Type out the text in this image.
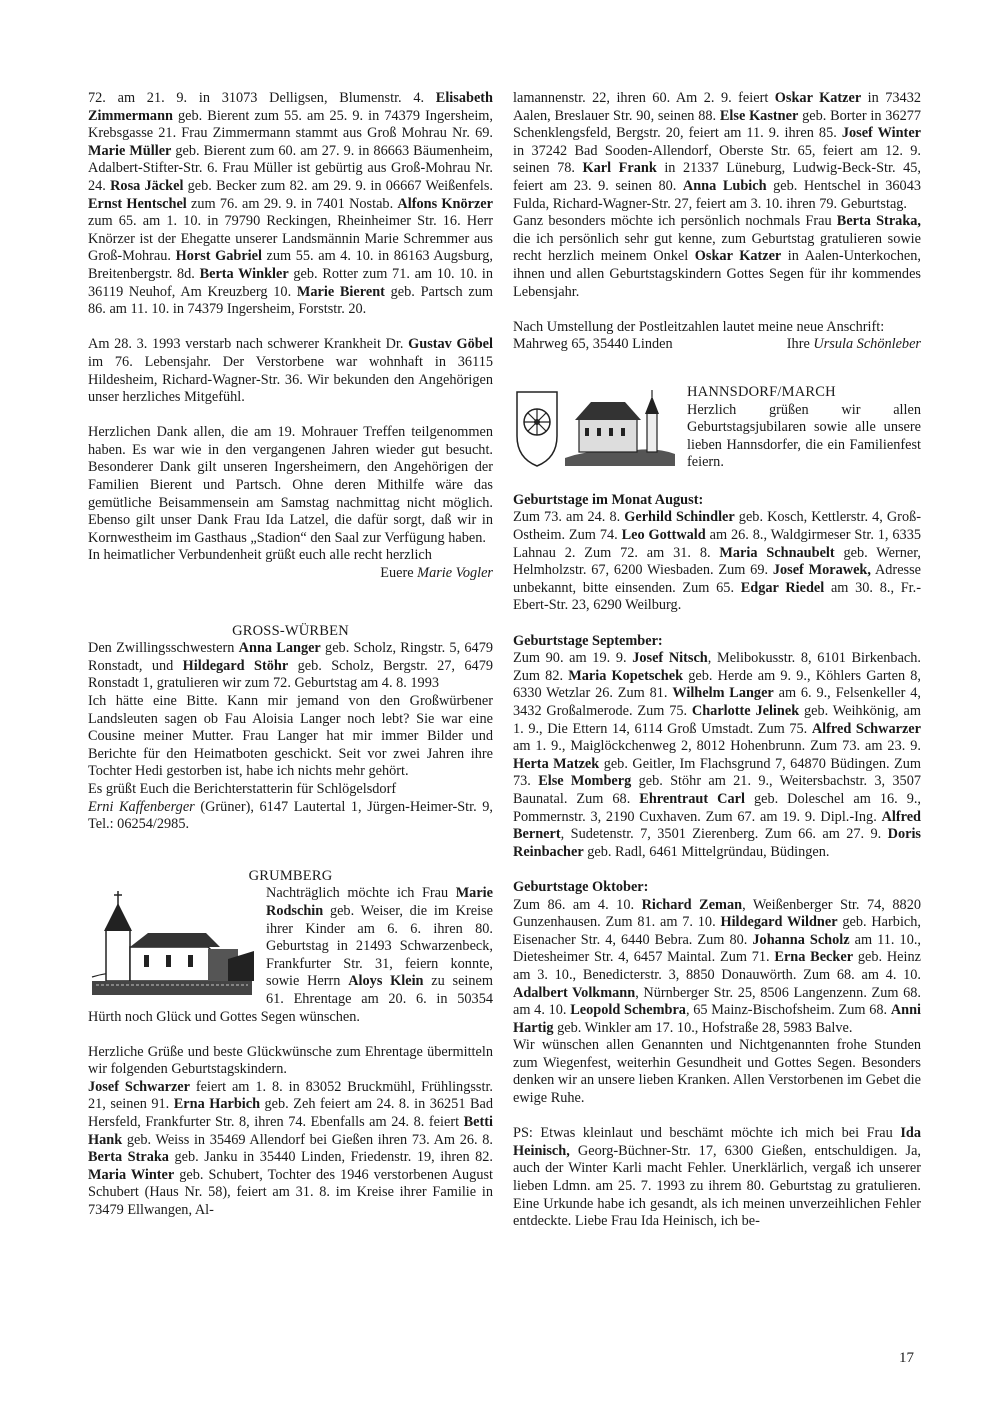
72. am 21. 9. in 31073 Delligsen, Blumenstr. 4. Elisabeth Zimmermann geb. Bierent zum 55. am 25. 9. in 74379 Ingersheim, Krebsgasse 21. Frau Zimmermann stammt aus Groß Mohrau Nr. 69. Marie Müller geb. Bierent zum 60. am 27. 9. in 86663 Bäumenheim, Adalbert-Stifter-Str. 6. Frau Müller ist gebürtig aus Groß-Mohrau Nr. 24. Rosa Jäckel geb. Becker zum 82. am 29. 9. in 06667 Weißenfels. Ernst Hentschel zum 76. am 29. 9. in 7401 Nostab. Alfons Knörzer zum 65. am 1. 10. in 79790 Reckingen, Rheinheimer Str. 16. Herr Knörzer ist der Ehegatte unserer Landsmännin Marie Schremmer aus Groß-Mohrau. Horst Gabriel zum 55. am 4. 10. in 86163 Augsburg, Breitenbergstr. 8d. Berta Winkler geb. Rotter zum 71. am 10. 10. in 36119 Neuhof, Am Kreuzberg 10. Marie Bierent geb. Partsch zum 86. am 11. 10. in 74379 Ingersheim, Forststr. 20.

Am 28. 3. 1993 verstarb nach schwerer Krankheit Dr. Gustav Göbel im 76. Lebensjahr. Der Verstorbene war wohnhaft in 36115 Hildesheim, Richard-Wagner-Str. 36. Wir bekunden den Angehörigen unser herzliches Mitgefühl.

Herzlichen Dank allen, die am 19. Mohrauer Treffen teilgenommen haben. Es war wie in den vergangenen Jahren wieder gut besucht. Besonderer Dank gilt unseren Ingersheimern, den Angehörigen der Familien Bierent und Partsch. Ohne deren Mithilfe wäre das gemütliche Beisammensein am Samstag nachmittag nicht möglich. Ebenso gilt unser Dank Frau Ida Latzel, die dafür sorgt, daß wir in Kornwestheim im Gasthaus „Stadion“ den Saal zur Verfügung haben.

In heimatlicher Verbundenheit grüßt euch alle recht herzlich

Euere Marie Vogler

GROSS-WÜRBEN

Den Zwillingsschwestern Anna Langer geb. Scholz, Ringstr. 5, 6479 Ronstadt, und Hildegard Stöhr geb. Scholz, Bergstr. 27, 6479 Ronstadt 1, gratulieren wir zum 72. Geburtstag am 4. 8. 1993

Ich hätte eine Bitte. Kann mir jemand von den Großwürbener Landsleuten sagen ob Fau Aloisia Langer noch lebt? Sie war eine Cousine meiner Mutter. Frau Langer hat mir immer Bilder und Berichte für den Heimatboten geschickt. Seit vor zwei Jahren ihre Tochter Hedi gestorben ist, habe ich nichts mehr gehört.

Es grüßt Euch die Berichterstatterin für Schlögelsdorf

Erni Kaffenberger (Grüner), 6147 Lautertal 1, Jürgen-Heimer-Str. 9, Tel.: 06254/2985.

GRUMBERG

Nachträglich möchte ich Frau Marie Rodschin geb. Weiser, die im Kreise ihrer Kinder am 6. 6. ihren 80. Geburtstag in 21493 Schwarzenbeck, Frankfurter Str. 31, feiern konnte, sowie Herrn Aloys Klein zu seinem 61. Ehrentage am 20. 6. in 50354 Hürth noch Glück und Gottes Segen wünschen.

Herzliche Grüße und beste Glückwünsche zum Ehrentage übermitteln wir folgenden Geburtstagskindern.

Josef Schwarzer feiert am 1. 8. in 83052 Bruckmühl, Frühlingsstr. 21, seinen 91. Erna Harbich geb. Zeh feiert am 24. 8. in 36251 Bad Hersfeld, Frankfurter Str. 8, ihren 74. Ebenfalls am 24. 8. feiert Betti Hank geb. Weiss in 35469 Allendorf bei Gießen ihren 73. Am 26. 8. Berta Straka geb. Janku in 35440 Linden, Friedenstr. 19, ihren 82. Maria Winter geb. Schubert, Tochter des 1946 verstorbenen August Schubert (Haus Nr. 58), feiert am 31. 8. im Kreise ihrer Familie in 73479 Ellwangen, Al-

lamannenstr. 22, ihren 60. Am 2. 9. feiert Oskar Katzer in 73432 Aalen, Breslauer Str. 90, seinen 88. Else Kastner geb. Borter in 36277 Schenklengsfeld, Bergstr. 20, feiert am 11. 9. ihren 85. Josef Winter in 37242 Bad Sooden-Allendorf, Oberste Str. 65, feiert am 12. 9. seinen 78. Karl Frank in 21337 Lüneburg, Ludwig-Beck-Str. 45, feiert am 23. 9. seinen 80. Anna Lubich geb. Hentschel in 36043 Fulda, Richard-Wagner-Str. 27, feiert am 3. 10. ihren 79. Geburtstag.

Ganz besonders möchte ich persönlich nochmals Frau Berta Straka, die ich persönlich sehr gut kenne, zum Geburtstag gratulieren sowie recht herzlich meinem Onkel Oskar Katzer in Aalen-Unterkochen, ihnen und allen Geburtstagskindern Gottes Segen für ihr kommendes Lebensjahr.

Nach Umstellung der Postleitzahlen lautet meine neue Anschrift:

Mahrweg 65, 35440 Linden	Ihre Ursula Schönleber

HANNSDORF/MARCH

Herzlich grüßen wir allen Geburtstagsjubilaren sowie alle unsere lieben Hannsdorfer, die ein Familienfest feiern.

Geburtstage im Monat August:

Zum 73. am 24. 8. Gerhild Schindler geb. Kosch, Kettlerstr. 4, Groß-Ostheim. Zum 74. Leo Gottwald am 26. 8., Waldgirmeser Str. 1, 6335 Lahnau 2. Zum 72. am 31. 8. Maria Schnaubelt geb. Werner, Helmholzstr. 67, 6200 Wiesbaden. Zum 69. Josef Morawek, Adresse unbekannt, bitte einsenden. Zum 65. Edgar Riedel am 30. 8., Fr.-Ebert-Str. 23, 6290 Weilburg.

Geburtstage September:

Zum 90. am 19. 9. Josef Nitsch, Melibokusstr. 8, 6101 Birkenbach. Zum 82. Maria Kopetschek geb. Herde am 9. 9., Köhlers Garten 8, 6330 Wetzlar 26. Zum 81. Wilhelm Langer am 6. 9., Felsenkeller 4, 3432 Großalmerode. Zum 75. Charlotte Jelinek geb. Weihkönig, am 1. 9., Die Ettern 14, 6114 Groß Umstadt. Zum 75. Alfred Schwarzer am 1. 9., Maiglöckchenweg 2, 8012 Hohenbrunn. Zum 73. am 23. 9. Herta Matzek geb. Geitler, Im Flachsgrund 7, 64870 Büdingen. Zum 73. Else Momberg geb. Stöhr am 21. 9., Weitersbachstr. 3, 3507 Baunatal. Zum 68. Ehrentraut Carl geb. Doleschel am 16. 9., Pommernstr. 3, 2190 Cuxhaven. Zum 67. am 19. 9. Dipl.-Ing. Alfred Bernert, Sudetenstr. 7, 3501 Zierenberg. Zum 66. am 27. 9. Doris Reinbacher geb. Radl, 6461 Mittelgründau, Büdingen.

Geburtstage Oktober:

Zum 86. am 4. 10. Richard Zeman, Weißenberger Str. 74, 8820 Gunzenhausen. Zum 81. am 7. 10. Hildegard Wildner geb. Harbich, Eisenacher Str. 4, 6440 Bebra. Zum 80. Johanna Scholz am 11. 10., Dietesheimer Str. 4, 6457 Maintal. Zum 71. Erna Becker geb. Heinz am 3. 10., Benedicterstr. 3, 8850 Donauwörth. Zum 68. am 4. 10. Adalbert Volkmann, Nürnberger Str. 25, 8506 Langenzenn. Zum 68. am 4. 10. Leopold Schembra, 65 Mainz-Bischofsheim. Zum 68. Anni Hartig geb. Winkler am 17. 10., Hofstraße 28, 5983 Balve.

Wir wünschen allen Genannten und Nichtgenannten frohe Stunden zum Wiegenfest, weiterhin Gesundheit und Gottes Segen. Besonders denken wir an unsere lieben Kranken. Allen Verstorbenen im Gebet die ewige Ruhe.

PS: Etwas kleinlaut und beschämt möchte ich mich bei Frau Ida Heinisch, Georg-Büchner-Str. 17, 6300 Gießen, entschuldigen. Ja, auch der Winter Karli macht Fehler. Unerklärlich, vergaß ich unserer lieben Ldmn. am 25. 7. 1993 zu ihrem 80. Geburtstag zu gratulieren. Eine Urkunde habe ich gesandt, als ich meinen unverzeihlichen Fehler entdeckte. Liebe Frau Ida Heinisch, ich be-

17
